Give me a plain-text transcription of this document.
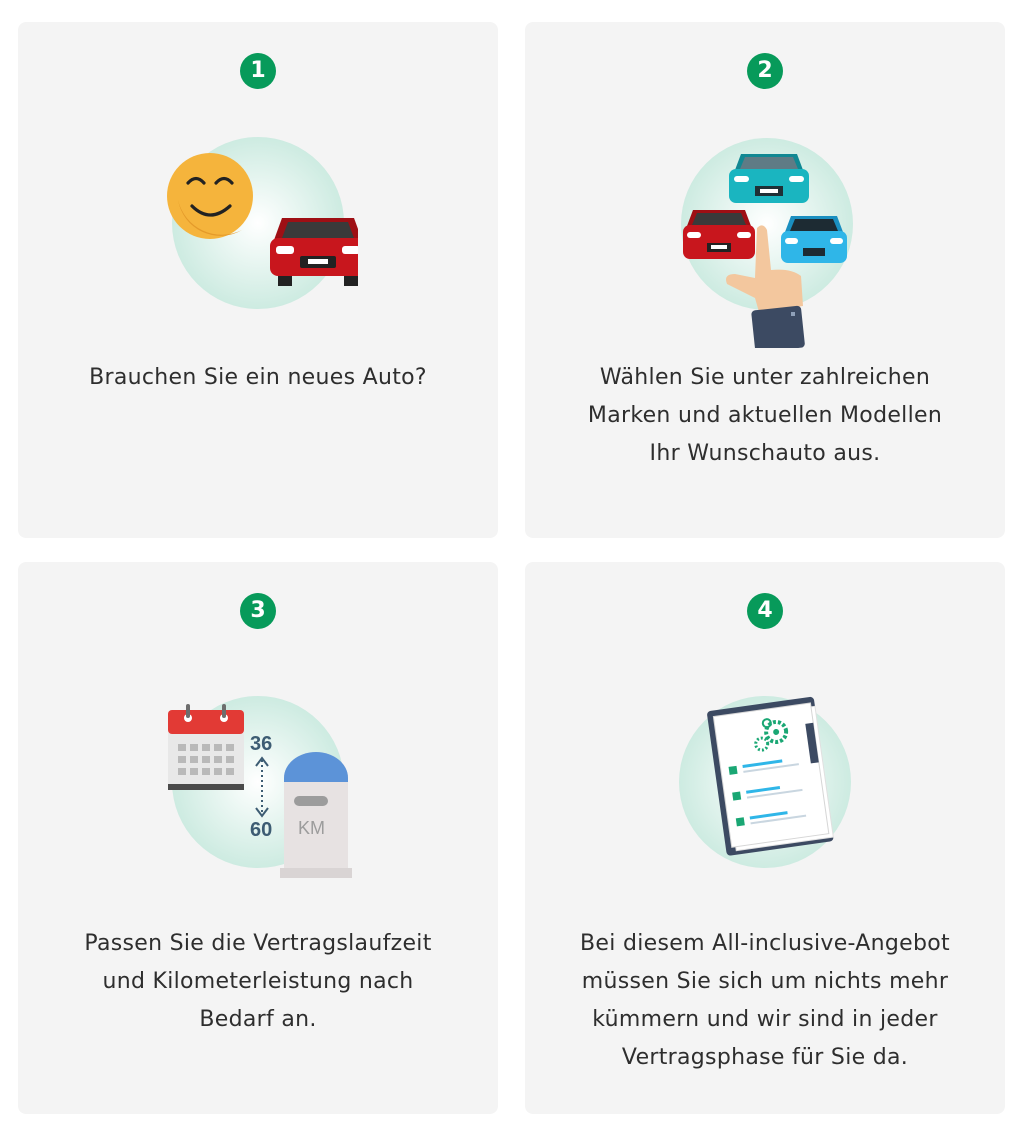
1
Brauchen Sie ein neues Auto?
2
Wählen Sie unter zahlreichen
Marken und aktuellen Modellen
Ihr Wunschauto aus.
3
36
60 KM
Passen Sie die Vertragslaufzeit
und Kilometerleistung nach
Bedarf an.
4
Bei diesem All-inclusive-Angebot
müssen Sie sich um nichts mehr
kümmern und wir sind in jeder
Vertragsphase für Sie da.
